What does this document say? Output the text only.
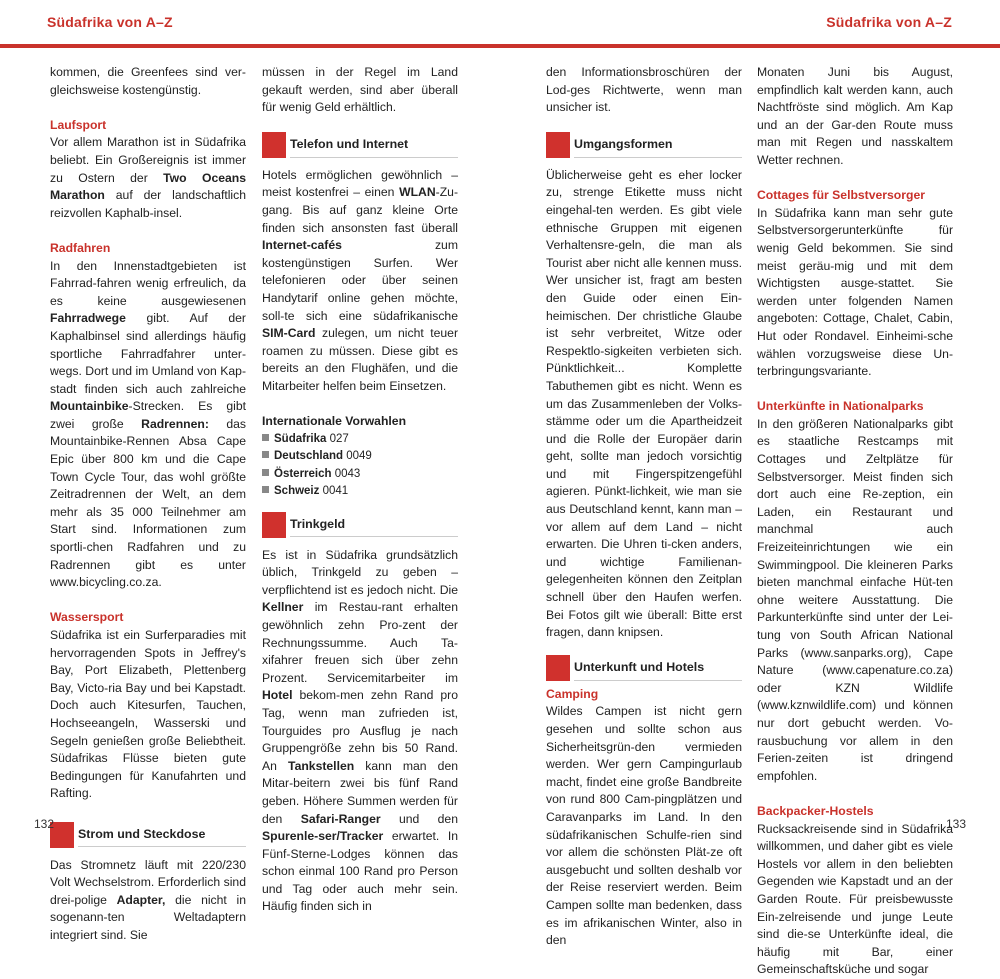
Südafrika von A–Z	Südafrika von A–Z

kommen, die Greenfees sind ver-gleichsweise kostengünstig.

Laufsport

Vor allem Marathon ist in Südafrika beliebt. Ein Großereignis ist immer zu Ostern der Two Oceans Marathon auf der landschaftlich reizvollen Kaphalb-insel.

Radfahren

In den Innenstadtgebieten ist Fahrrad-fahren wenig erfreulich, da es keine ausgewiesenen Fahrradwege gibt. Auf der Kaphalbinsel sind allerdings häufig sportliche Fahrradfahrer unter-wegs. Dort und im Umland von Kap-stadt finden sich auch zahlreiche Mountainbike-Strecken. Es gibt zwei große Radrennen: das Mountainbike-Rennen Absa Cape Epic über 800 km und die Cape Town Cycle Tour, das wohl größte Zeitradrennen der Welt, an dem mehr als 35 000 Teilnehmer am Start sind. Informationen zum sportli-chen Radfahren und zu Radrennen gibt es unter www.bicycling.co.za.

Wassersport

Südafrika ist ein Surferparadies mit hervorragenden Spots in Jeffrey's Bay, Port Elizabeth, Plettenberg Bay, Victo-ria Bay und bei Kapstadt. Doch auch Kitesurfen, Tauchen, Hochseeangeln, Wasserski und Segeln genießen große Beliebtheit. Südafrikas Flüsse bieten gute Bedingungen für Kanufahrten und Rafting.

Strom und Steckdose

Das Stromnetz läuft mit 220/230 Volt Wechselstrom. Erforderlich sind drei-polige Adapter, die nicht in sogenann-ten Weltadaptern integriert sind. Sie

müssen in der Regel im Land gekauft werden, sind aber überall für wenig Geld erhältlich.

Telefon und Internet

Hotels ermöglichen gewöhnlich – meist kostenfrei – einen WLAN-Zu-gang. Bis auf ganz kleine Orte finden sich ansonsten fast überall Internet-cafés zum kostengünstigen Surfen. Wer telefonieren oder über seinen Handytarif online gehen möchte, soll-te sich eine südafrikanische SIM-Card zulegen, um nicht teuer roamen zu müssen. Diese gibt es bereits an den Flughäfen, und die Mitarbeiter helfen beim Einsetzen.

Internationale Vorwahlen
Südafrika 027
Deutschland 0049
Österreich 0043
Schweiz 0041
Trinkgeld

Es ist in Südafrika grundsätzlich üblich, Trinkgeld zu geben – verpflichtend ist es jedoch nicht. Die Kellner im Restau-rant erhalten gewöhnlich zehn Pro-zent der Rechnungssumme. Auch Ta-xifahrer freuen sich über zehn Prozent. Servicemitarbeiter im Hotel bekom-men zehn Rand pro Tag, wenn man zufrieden ist, Tourguides pro Ausflug je nach Gruppengröße zehn bis 50 Rand. An Tankstellen kann man den Mitar-beitern zwei bis fünf Rand geben. Höhere Summen werden für den Safari-Ranger und den Spurenle-ser/Tracker erwartet. In Fünf-Sterne-Lodges können das schon einmal 100 Rand pro Person und Tag oder auch mehr sein. Häufig finden sich in

den Informationsbroschüren der Lod-ges Richtwerte, wenn man unsicher ist.

Umgangsformen

Üblicherweise geht es eher locker zu, strenge Etikette muss nicht eingehal-ten werden. Es gibt viele ethnische Gruppen mit eigenen Verhaltensre-geln, die man als Tourist aber nicht alle kennen muss. Wer unsicher ist, fragt am besten den Guide oder einen Ein-heimischen. Der christliche Glaube ist sehr verbreitet, Witze oder Respektlo-sigkeiten verbieten sich. Pünktlichkeit... Komplette Tabuthemen gibt es nicht. Wenn es um das Zusammenleben der Volks-stämme oder um die Apartheidzeit und die Rolle der Europäer darin geht, sollte man jedoch vorsichtig und mit Fingerspitzengefühl agieren. Pünkt-lichkeit, wie man sie aus Deutschland kennt, kann man – vor allem auf dem Land – nicht erwarten. Die Uhren ti-cken anders, und wichtige Familienan-gelegenheiten können den Zeitplan schnell über den Haufen werfen. Bei Fotos gilt wie überall: Bitte erst fragen, dann knipsen.

Unterkunft und Hotels

Camping

Wildes Campen ist nicht gern gesehen und sollte schon aus Sicherheitsgrün-den vermieden werden. Wer gern Campingurlaub macht, findet eine große Bandbreite von rund 800 Cam-pingplätzen und Caravanparks im Land. In den südafrikanischen Schulfe-rien sind vor allem die schönsten Plät-ze oft ausgebucht und sollten deshalb vor der Reise reserviert werden. Beim Campen sollte man bedenken, dass es im afrikanischen Winter, also in den

Monaten Juni bis August, empfindlich kalt werden kann, auch Nachtfröste sind möglich. Am Kap und an der Gar-den Route muss man mit Regen und nasskaltem Wetter rechnen.

Cottages für Selbstversorger

In Südafrika kann man sehr gute Selbstversorgerunterkünfte für wenig Geld bekommen. Sie sind meist geräu-mig und mit dem Wichtigsten ausge-stattet. Sie werden unter folgenden Namen angeboten: Cottage, Chalet, Cabin, Hut oder Rondavel. Einheimi-sche wählen vorzugsweise diese Un-terbringungsvariante.

Unterkünfte in Nationalparks

In den größeren Nationalparks gibt es staatliche Restcamps mit Cottages und Zeltplätze für Selbstversorger. Meist finden sich dort auch eine Re-zeption, ein Laden, ein Restaurant und manchmal auch Freizeiteinrichtungen wie ein Swimmingpool. Die kleineren Parks bieten manchmal einfache Hüt-ten ohne weitere Ausstattung. Die Parkunterkünfte sind unter der Lei-tung von South African National Parks (www.sanparks.org), Cape Nature (www.capenature.co.za) oder KZN Wildlife (www.kznwildlife.com) und können nur dort gebucht werden. Vo-rausbuchung vor allem in den Ferien-zeiten ist dringend empfohlen.

Backpacker-Hostels

Rucksackreisende sind in Südafrika willkommen, und daher gibt es viele Hostels vor allem in den beliebten Gegenden wie Kapstadt und an der Garden Route. Für preisbewusste Ein-zelreisende und junge Leute sind die-se Unterkünfte ideal, die häufig mit Bar, einer Gemeinschaftsküche und sogar

132	133
